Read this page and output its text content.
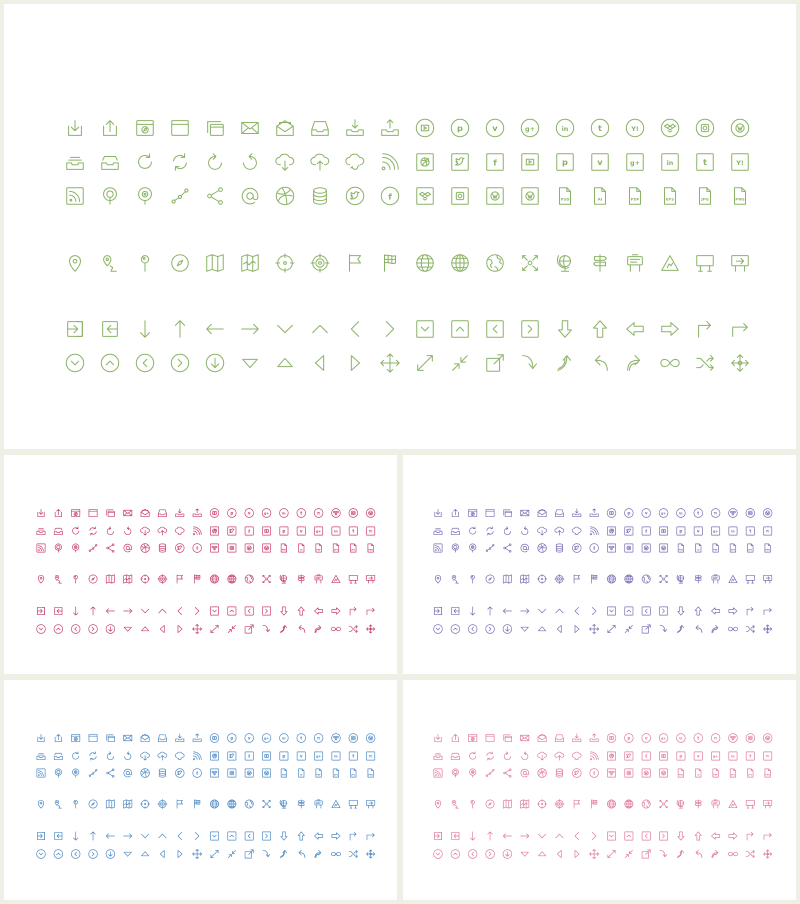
p	v	g+	in	t	Y!
f	p	v	g+	in	t	Y!
f	PSD	AI	PDF	EPS	JPG	PNG
p v g+ in t Y!
f	p v g+ in t Y!
f	PSD	AI	PDF	EPS	JPG	PNG
p v g+ in t Y!
f	p v g+ in t Y!
f	PSD	AI	PDF	EPS	JPG	PNG
p v g+ in t Y!
f	p v g+ in t Y!
f	PSD	AI	PDF	EPS	JPG	PNG
p v g+ in t Y!
f	p v g+ in t Y!
f	PSD	AI	PDF	EPS	JPG	PNG
